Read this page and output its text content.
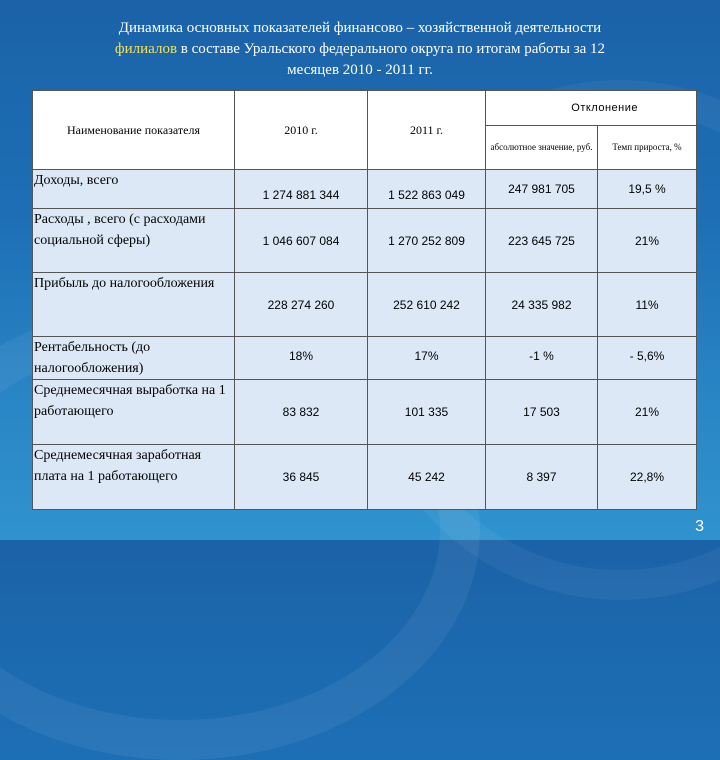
Динамика основных показателей финансово – хозяйственной деятельности
филиалов в составе Уральского федерального округа по итогам работы за 12
месяцев 2010 - 2011 гг.
Наименование показателя	2010 г.	2011 г.	Отклонение	
			абсолютное значение, руб.	Темп прироста, %
Доходы, всего	1 274 881 344	1 522 863 049	247 981 705	19,5 %
Расходы , всего (с расходами социальной сферы)	1 046 607 084	1 270 252 809	223 645 725	21%
Прибыль до налогообложения	228 274 260	252 610 242	24 335 982	11%
Рентабельность (до налогообложения)	18%	17%	-1 %	- 5,6%
Среднемесячная выработка на 1 работающего	83 832	101 335	17 503	21%
Среднемесячная заработная плата на 1 работающего	36 845	45 242	8 397	22,8%
3
